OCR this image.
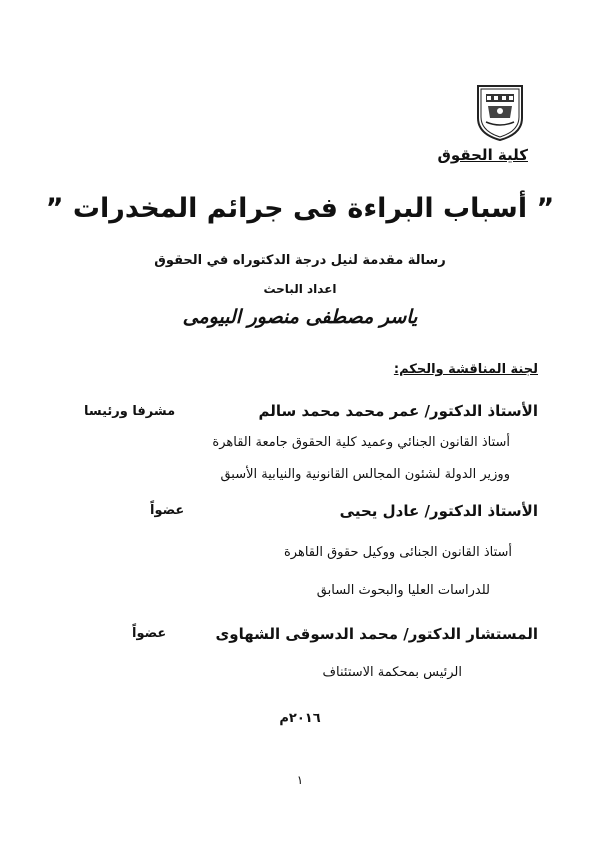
كلية الحقوق
” أسباب البراءة فى جرائم المخدرات ”
رسالة مقدمة لنيل درجة الدكتوراه في الحقوق
اعداد الباحث
ياسر مصطفى منصور البيومى
لجنة المناقشة والحكم:
الأستاذ الدكتور/ عمر محمد محمد سالم
مشرفا ورئيسا
أستاذ القانون الجنائي وعميد كلية الحقوق جامعة القاهرة
ووزير الدولة لشئون المجالس القانونية والنيابية الأسبق
الأستاذ الدكتور/ عادل يحيى
عضواً
أستاذ القانون الجنائى ووكيل حقوق القاهرة
للدراسات العليا والبحوث السابق
المستشار الدكتور/ محمد الدسوقى الشهاوى
عضواً
الرئيس بمحكمة الاستئناف
٢٠١٦م
١
